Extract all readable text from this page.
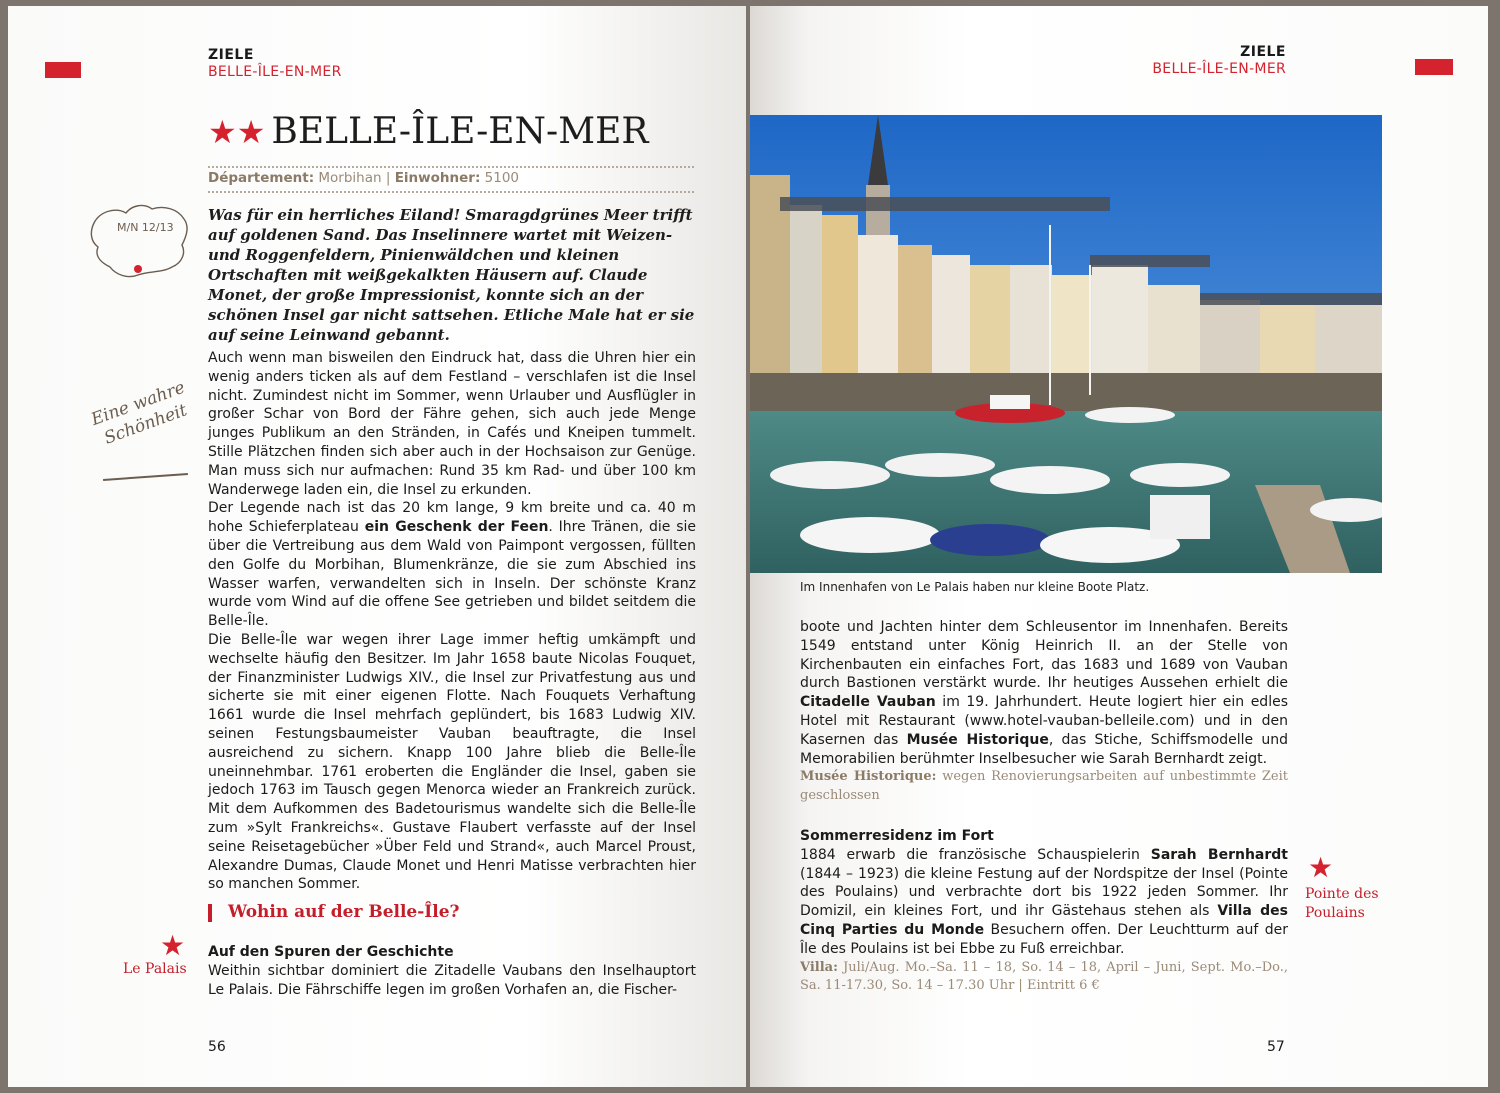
ZIELE
BELLE-ÎLE-EN-MER
★★ BELLE-ÎLE-EN-MER
Département: Morbihan | Einwohner: 5100
M/N 12/13
Eine wahre Schönheit
Was für ein herrliches Eiland! Smaragdgrünes Meer trifft auf goldenen Sand. Das Inselinnere wartet mit Weizen- und Roggenfeldern, Pinienwäldchen und kleinen Ortschaften mit weißgekalkten Häusern auf. Claude Monet, der große Impressionist, konnte sich an der schönen Insel gar nicht sattsehen. Etliche Male hat er sie auf seine Leinwand gebannt.
Auch wenn man bisweilen den Eindruck hat, dass die Uhren hier ein wenig anders ticken als auf dem Festland – verschlafen ist die Insel nicht. Zumindest nicht im Sommer, wenn Urlauber und Ausflügler in großer Schar von Bord der Fähre gehen, sich auch jede Menge junges Publikum an den Stränden, in Cafés und Kneipen tummelt. Stille Plätzchen finden sich aber auch in der Hochsaison zur Genüge. Man muss sich nur aufmachen: Rund 35 km Rad- und über 100 km Wanderwege laden ein, die Insel zu erkunden.
Der Legende nach ist das 20 km lange, 9 km breite und ca. 40 m hohe Schieferplateau ein Geschenk der Feen. Ihre Tränen, die sie über die Vertreibung aus dem Wald von Paimpont vergossen, füllten den Golfe du Morbihan, Blumenkränze, die sie zum Abschied ins Wasser warfen, verwandelten sich in Inseln. Der schönste Kranz wurde vom Wind auf die offene See getrieben und bildet seitdem die Belle-Île.
Die Belle-Île war wegen ihrer Lage immer heftig umkämpft und wechselte häufig den Besitzer. Im Jahr 1658 baute Nicolas Fouquet, der Finanzminister Ludwigs XIV., die Insel zur Privatfestung aus und sicherte sie mit einer eigenen Flotte. Nach Fouquets Verhaftung 1661 wurde die Insel mehrfach geplündert, bis 1683 Ludwig XIV. seinen Festungsbaumeister Vauban beauftragte, die Insel ausreichend zu sichern. Knapp 100 Jahre blieb die Belle-Île uneinnehmbar. 1761 eroberten die Engländer die Insel, gaben sie jedoch 1763 im Tausch gegen Menorca wieder an Frankreich zurück. Mit dem Aufkommen des Badetourismus wandelte sich die Belle-Île zum »Sylt Frankreichs«. Gustave Flaubert verfasste auf der Insel seine Reisetagebücher »Über Feld und Strand«, auch Marcel Proust, Alexandre Dumas, Claude Monet und Henri Matisse verbrachten hier so manchen Sommer.
Wohin auf der Belle-Île?
★
Le Palais
Auf den Spuren der Geschichte
Weithin sichtbar dominiert die Zitadelle Vaubans den Inselhauptort Le Palais. Die Fährschiffe legen im großen Vorhafen an, die Fischer-
56
ZIELE
BELLE-ÎLE-EN-MER
Im Innenhafen von Le Palais haben nur kleine Boote Platz.
boote und Jachten hinter dem Schleusentor im Innenhafen. Bereits 1549 entstand unter König Heinrich II. an der Stelle von Kirchenbauten ein einfaches Fort, das 1683 und 1689 von Vauban durch Bastionen verstärkt wurde. Ihr heutiges Aussehen erhielt die Citadelle Vauban im 19. Jahrhundert. Heute logiert hier ein edles Hotel mit Restaurant (www.hotel-vauban-belleile.com) und in den Kasernen das Musée Historique, das Stiche, Schiffsmodelle und Memorabilien berühmter Inselbesucher wie Sarah Bernhardt zeigt.
Musée Historique: wegen Renovierungsarbeiten auf unbestimmte Zeit geschlossen
Sommerresidenz im Fort
1884 erwarb die französische Schauspielerin Sarah Bernhardt (1844 – 1923) die kleine Festung auf der Nordspitze der Insel (Pointe des Poulains) und verbrachte dort bis 1922 jeden Sommer. Ihr Domizil, ein kleines Fort, und ihr Gästehaus stehen als Villa des Cinq Parties du Monde Besuchern offen. Der Leuchtturm auf der Île des Poulains ist bei Ebbe zu Fuß erreichbar.
Villa: Juli/Aug. Mo.–Sa. 11 – 18, So. 14 – 18, April – Juni, Sept. Mo.–Do., Sa. 11-17.30, So. 14 – 17.30 Uhr | Eintritt 6 €
★
Pointe des Poulains
57
